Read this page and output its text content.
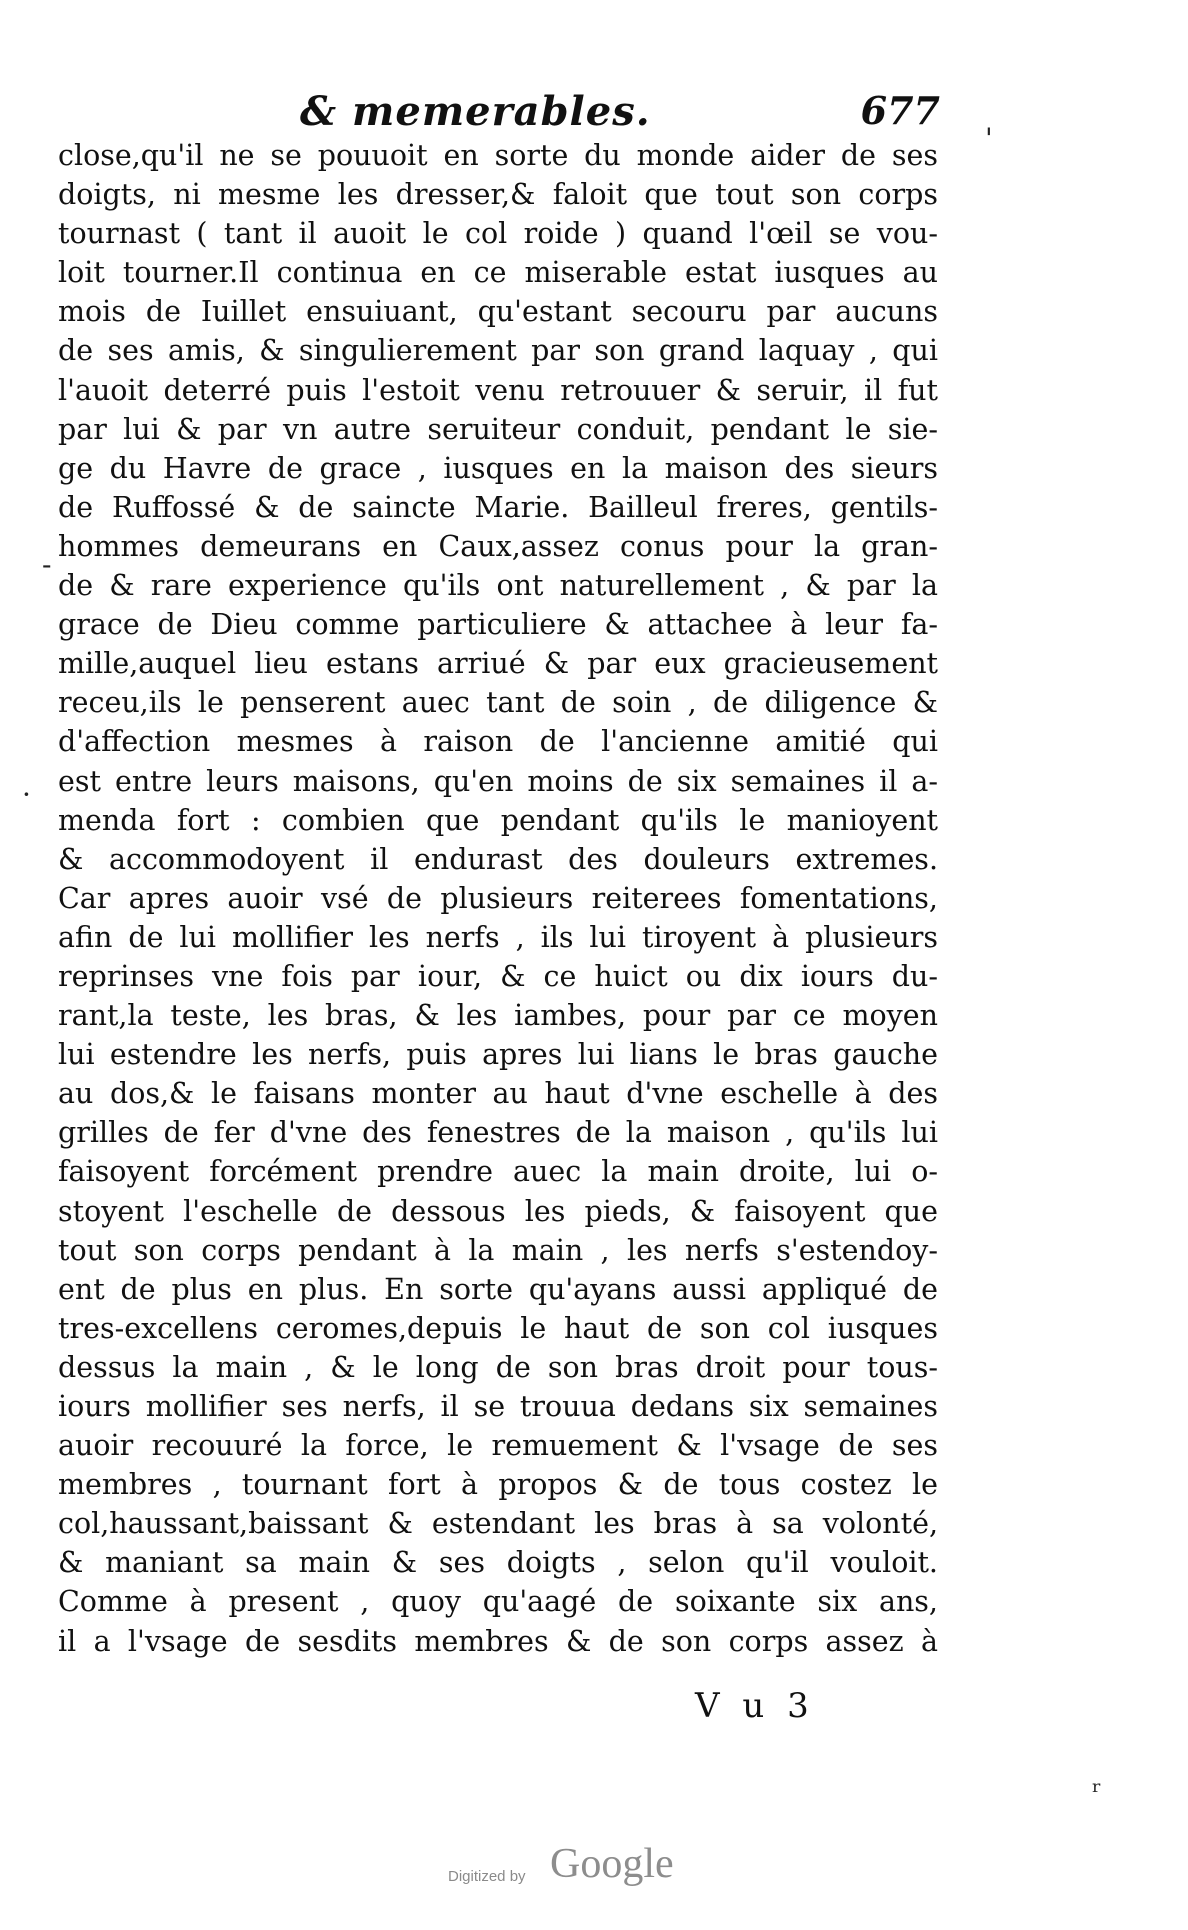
& memerables.	677
close,qu'il ne se pouuoit en sorte du monde aider de ses
doigts, ni mesme les dresser,& faloit que tout son corps
tournast ( tant il auoit le col roide ) quand l'œil se vou-
loit tourner.Il continua en ce miserable estat iusques au
mois de Iuillet ensuiuant, qu'estant secouru par aucuns
de ses amis, & singulierement par son grand laquay , qui
l'auoit deterré puis l'estoit venu retrouuer & seruir, il fut
par lui & par vn autre seruiteur conduit, pendant le sie-
ge du Havre de grace , iusques en la maison des sieurs
de Ruffossé & de saincte Marie. Bailleul freres, gentils-
hommes demeurans en Caux,assez conus pour la gran-
de & rare experience qu'ils ont naturellement , & par la
grace de Dieu comme particuliere & attachee à leur fa-
mille,auquel lieu estans arriué & par eux gracieusement
receu,ils le penserent auec tant de soin , de diligence &
d'affection mesmes à raison de l'ancienne amitié qui
est entre leurs maisons, qu'en moins de six semaines il a-
menda fort : combien que pendant qu'ils le manioyent
& accommodoyent il endurast des douleurs extremes.
Car apres auoir vsé de plusieurs reiterees fomentations,
afin de lui mollifier les nerfs , ils lui tiroyent à plusieurs
reprinses vne fois par iour, & ce huict ou dix iours du-
rant,la teste, les bras, & les iambes, pour par ce moyen
lui estendre les nerfs, puis apres lui lians le bras gauche
au dos,& le faisans monter au haut d'vne eschelle à des
grilles de fer d'vne des fenestres de la maison , qu'ils lui
faisoyent forcément prendre auec la main droite, lui o-
stoyent l'eschelle de dessous les pieds, & faisoyent que
tout son corps pendant à la main , les nerfs s'estendoy-
ent de plus en plus. En sorte qu'ayans aussi appliqué de
tres-excellens ceromes,depuis le haut de son col iusques
dessus la main , & le long de son bras droit pour tous-
iours mollifier ses nerfs, il se trouua dedans six semaines
auoir recouuré la force, le remuement & l'vsage de ses
membres , tournant fort à propos & de tous costez le
col,haussant,baissant & estendant les bras à sa volonté,
& maniant sa main & ses doigts , selon qu'il vouloit.
Comme à present , quoy qu'aagé de soixante six ans,
il a l'vsage de sesdits membres & de son corps assez à
V u 3
'
-
·
ʳ
Digitized by Google
